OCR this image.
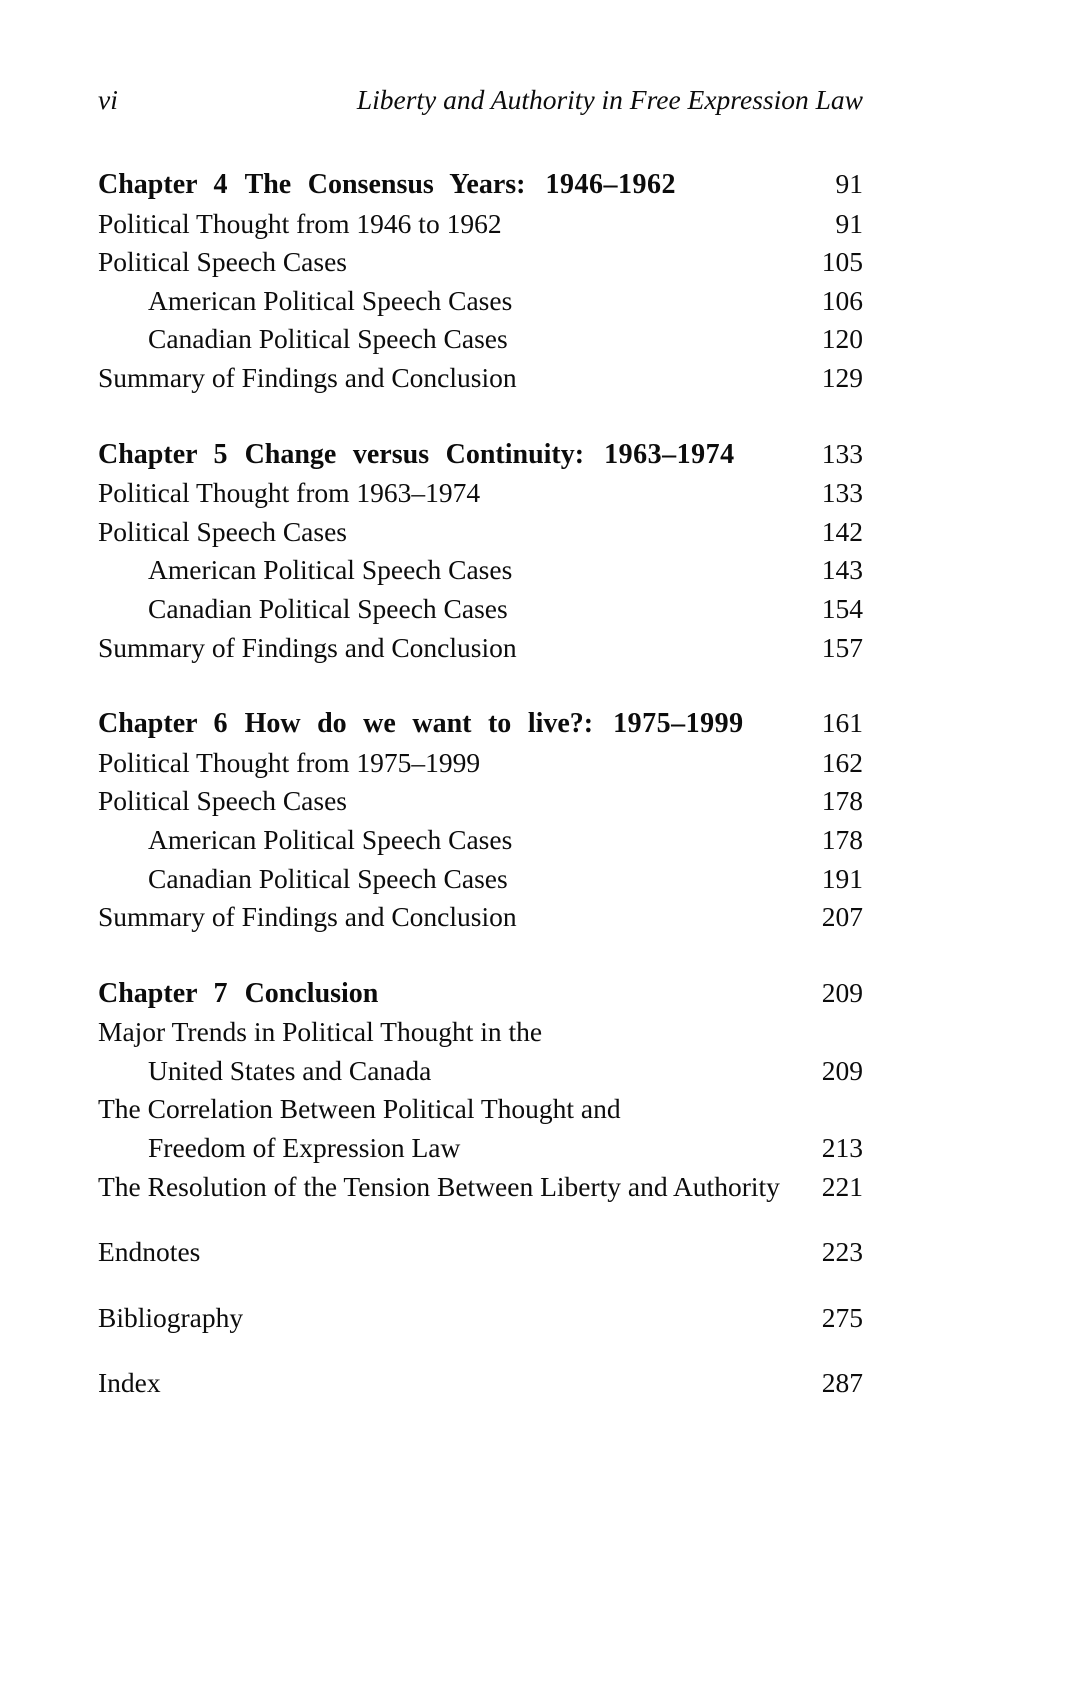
vi	Liberty and Authority in Free Expression Law
Chapter 4 The Consensus Years: 1946–1962	91
Political Thought from 1946 to 1962	91
Political Speech Cases	105
American Political Speech Cases	106
Canadian Political Speech Cases	120
Summary of Findings and Conclusion	129
Chapter 5 Change versus Continuity: 1963–1974	133
Political Thought from 1963–1974	133
Political Speech Cases	142
American Political Speech Cases	143
Canadian Political Speech Cases	154
Summary of Findings and Conclusion	157
Chapter 6 How do we want to live?: 1975–1999	161
Political Thought from 1975–1999	162
Political Speech Cases	178
American Political Speech Cases	178
Canadian Political Speech Cases	191
Summary of Findings and Conclusion	207
Chapter 7 Conclusion	209
Major Trends in Political Thought in the
United States and Canada	209
The Correlation Between Political Thought and
Freedom of Expression Law	213
The Resolution of the Tension Between Liberty and Authority 221
Endnotes	223
Bibliography	275
Index	287
